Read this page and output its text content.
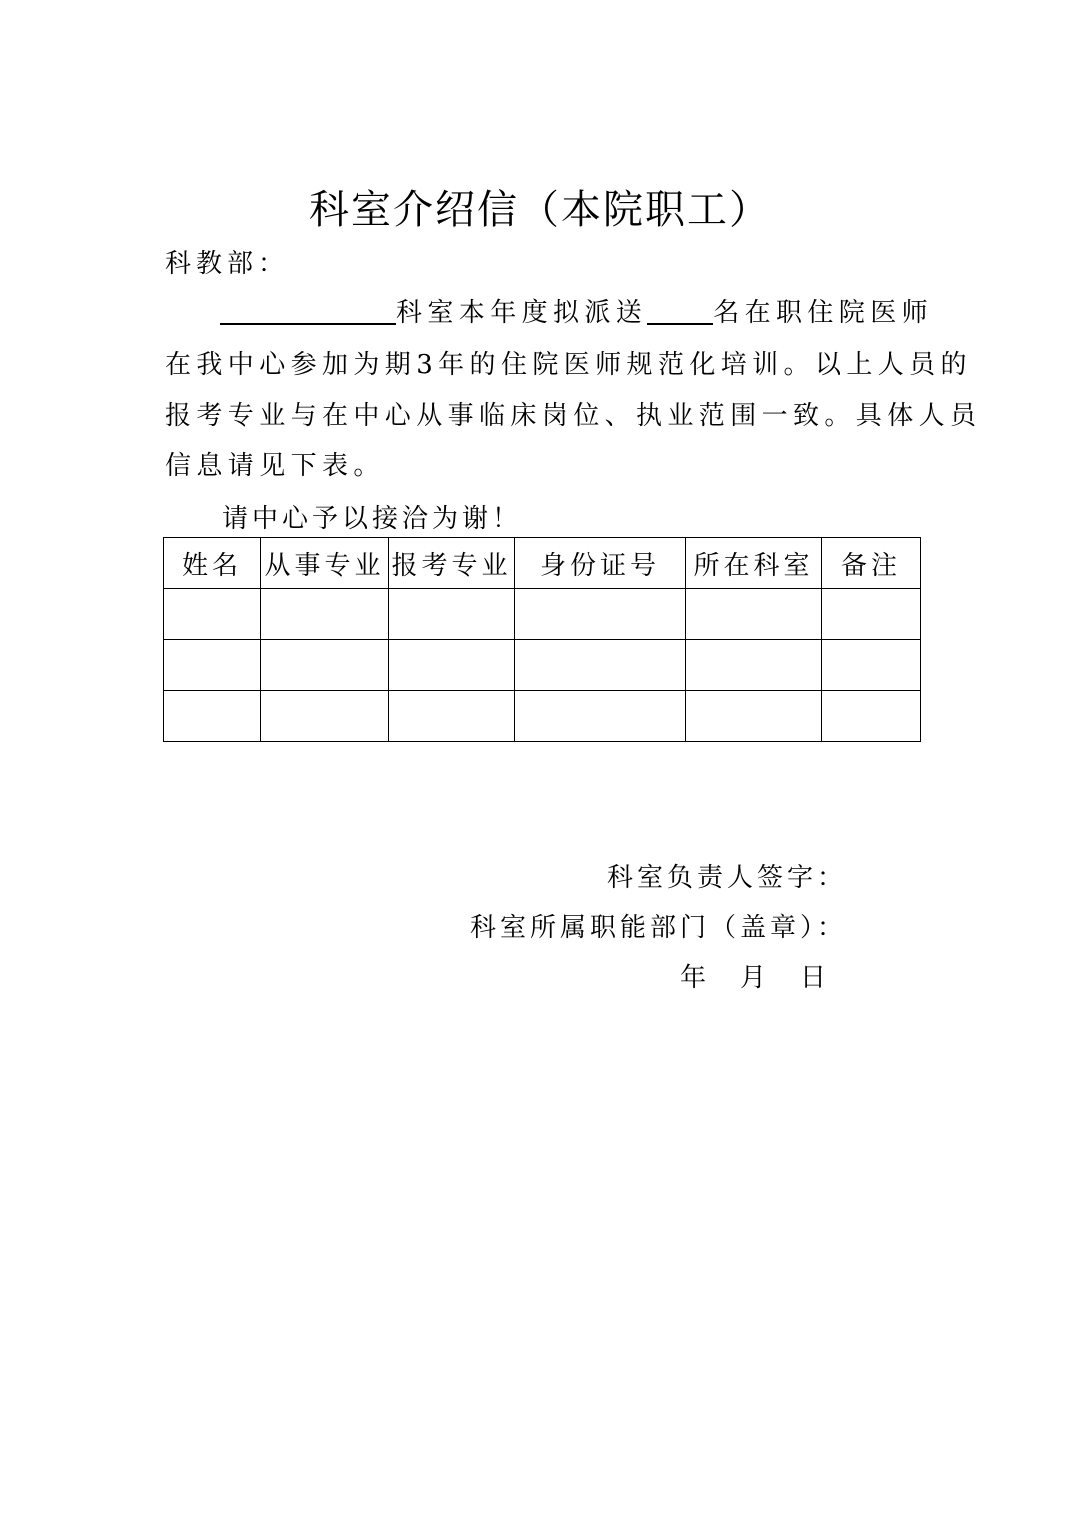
科室介绍信（本院职工）
科教部：
科室本年度拟派送	名在职住院医师
在我中心参加为期3年的住院医师规范化培训。以上人员的
报考专业与在中心从事临床岗位、执业范围一致。具体人员
信息请见下表。
请中心予以接洽为谢！
姓名	从事专业	报考专业	身份证号	所在科室	备注

科室负责人签字：
科室所属职能部门（盖章）：
年 月 日
